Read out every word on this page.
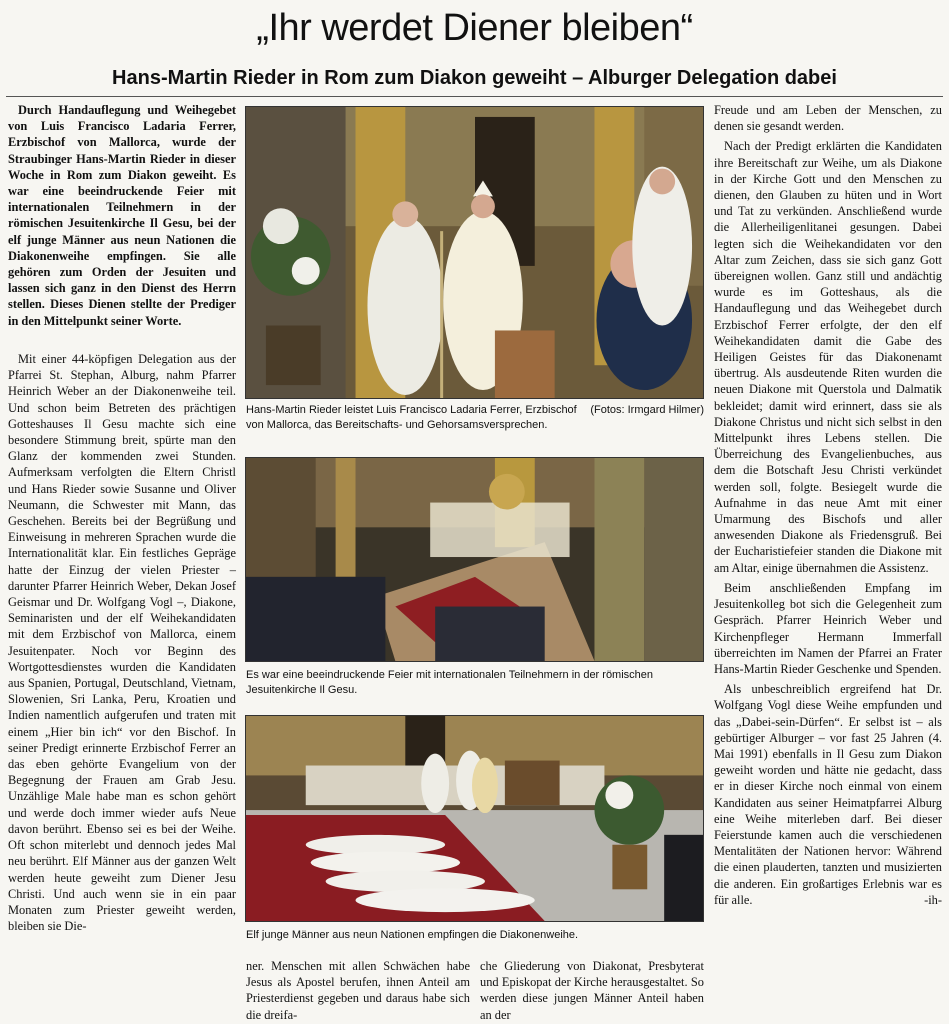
„Ihr werdet Diener bleiben“
Hans-Martin Rieder in Rom zum Diakon geweiht – Alburger Delegation dabei

Durch Handauflegung und Weihegebet von Luis Francisco Ladaria Ferrer, Erzbischof von Mallorca, wurde der Straubinger Hans-Martin Rieder in dieser Woche in Rom zum Diakon geweiht. Es war eine beeindruckende Feier mit internationalen Teilnehmern in der römischen Jesuitenkirche Il Gesu, bei der elf junge Männer aus neun Nationen die Diakonenweihe empfingen. Sie alle gehören zum Orden der Jesuiten und lassen sich ganz in den Dienst des Herrn stellen. Dieses Dienen stellte der Prediger in den Mittelpunkt seiner Worte.

Mit einer 44-köpfigen Delegation aus der Pfarrei St. Stephan, Alburg, nahm Pfarrer Heinrich Weber an der Diakonenweihe teil. Und schon beim Betreten des prächtigen Gotteshauses Il Gesu machte sich eine besondere Stimmung breit, spürte man den Glanz der kommenden zwei Stunden. Aufmerksam verfolgten die Eltern Christl und Hans Rieder sowie Susanne und Oliver Neumann, die Schwester mit Mann, das Geschehen. Bereits bei der Begrüßung und Einweisung in mehreren Sprachen wurde die Internationalität klar. Ein festliches Gepräge hatte der Einzug der vielen Priester – darunter Pfarrer Heinrich Weber, Dekan Josef Geismar und Dr. Wolfgang Vogl –, Diakone, Seminaristen und der elf Weihekandidaten mit dem Erzbischof von Mallorca, einem Jesuitenpater. Noch vor Beginn des Wortgottesdienstes wurden die Kandidaten aus Spanien, Portugal, Deutschland, Vietnam, Slowenien, Sri Lanka, Peru, Kroatien und Indien namentlich aufgerufen und traten mit einem „Hier bin ich“ vor den Bischof. In seiner Predigt erinnerte Erzbischof Ferrer an das eben gehörte Evangelium von der Begegnung der Frauen am Grab Jesu. Unzählige Male habe man es schon gehört und werde doch immer wieder aufs Neue davon berührt. Ebenso sei es bei der Weihe. Oft schon miterlebt und dennoch jedes Mal neu berührt. Elf Männer aus der ganzen Welt werden heute geweiht zum Diener Jesu Christi. Und auch wenn sie in ein paar Monaten zum Priester geweiht werden, bleiben sie Die-

(Fotos: Irmgard Hilmer)
Hans-Martin Rieder leistet Luis Francisco Ladaria Ferrer, Erzbischof von Mallorca, das Bereitschafts- und Gehorsamsversprechen.
Es war eine beeindruckende Feier mit internationalen Teilnehmern in der römischen Jesuitenkirche Il Gesu.
Elf junge Männer aus neun Nationen empfingen die Diakonenweihe.

ner. Menschen mit allen Schwächen habe Jesus als Apostel berufen, ihnen Anteil am Priesterdienst gegeben und daraus habe sich die dreifa-

che Gliederung von Diakonat, Presbyterat und Episkopat der Kirche herausgestaltet. So werden diese jungen Männer Anteil haben an der

Freude und am Leben der Menschen, zu denen sie gesandt werden.

Nach der Predigt erklärten die Kandidaten ihre Bereitschaft zur Weihe, um als Diakone in der Kirche Gott und den Menschen zu dienen, den Glauben zu hüten und in Wort und Tat zu verkünden. Anschließend wurde die Allerheiligenlitanei gesungen. Dabei legten sich die Weihekandidaten vor den Altar zum Zeichen, dass sie sich ganz Gott übereignen wollen. Ganz still und andächtig wurde es im Gotteshaus, als die Handauflegung und das Weihegebet durch Erzbischof Ferrer erfolgte, der den elf Weihekandidaten damit die Gabe des Heiligen Geistes für das Diakonenamt übertrug. Als ausdeutende Riten wurden die neuen Diakone mit Querstola und Dalmatik bekleidet; damit wird erinnert, dass sie als Diakone Christus und nicht sich selbst in den Mittelpunkt ihres Lebens stellen. Die Überreichung des Evangelienbuches, aus dem die Botschaft Jesu Christi verkündet werden soll, folgte. Besiegelt wurde die Aufnahme in das neue Amt mit einer Umarmung des Bischofs und aller anwesenden Diakone als Friedensgruß. Bei der Eucharistiefeier standen die Diakone mit am Altar, einige übernahmen die Assistenz.

Beim anschließenden Empfang im Jesuitenkolleg bot sich die Gelegenheit zum Gespräch. Pfarrer Heinrich Weber und Kirchenpfleger Hermann Immerfall überreichten im Namen der Pfarrei an Frater Hans-Martin Rieder Geschenke und Spenden.

Als unbeschreiblich ergreifend hat Dr. Wolfgang Vogl diese Weihe empfunden und das „Dabei-sein-Dürfen“. Er selbst ist – als gebürtiger Alburger – vor fast 25 Jahren (4. Mai 1991) ebenfalls in Il Gesu zum Diakon geweiht worden und hätte nie gedacht, dass er in dieser Kirche noch einmal von einem Kandidaten aus seiner Heimatpfarrei Alburg eine Weihe miterleben darf. Bei dieser Feierstunde kamen auch die verschiedenen Mentalitäten der Nationen hervor: Während die einen plauderten, tanzten und musizierten die anderen. Ein großartiges Erlebnis war es für alle.	-ih-
